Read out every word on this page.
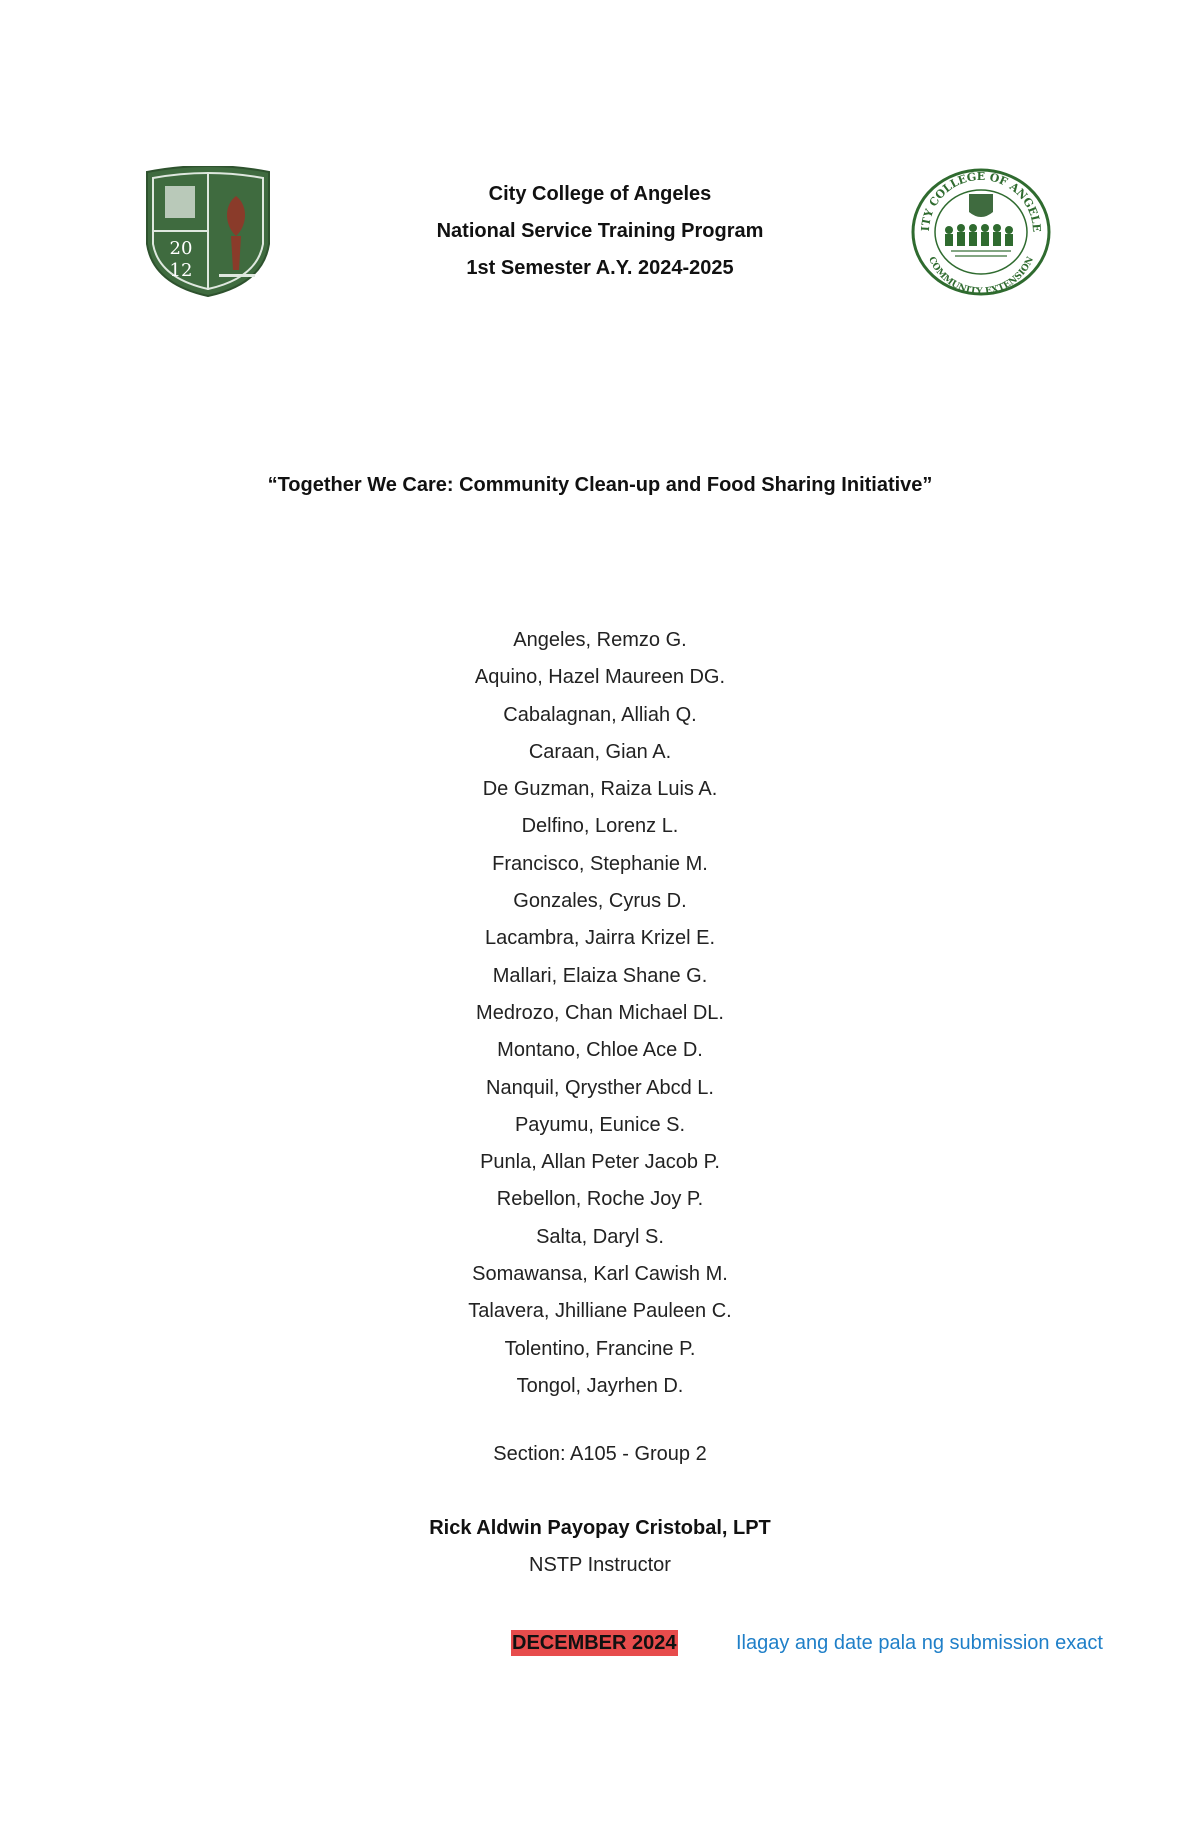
20
12
City College of Angeles
National Service Training Program
1st Semester A.Y. 2024-2025
ITY COLLEGE OF ANGELE
COMMUNITY EXTENSION
“Together We Care: Community Clean-up and Food Sharing Initiative”
Angeles, Remzo G.
Aquino, Hazel Maureen DG.
Cabalagnan, Alliah Q.
Caraan, Gian A.
De Guzman, Raiza Luis A.
Delfino, Lorenz L.
Francisco, Stephanie M.
Gonzales, Cyrus D.
Lacambra, Jairra Krizel E.
Mallari, Elaiza Shane G.
Medrozo, Chan Michael DL.
Montano, Chloe Ace D.
Nanquil, Qrysther Abcd L.
Payumu, Eunice S.
Punla, Allan Peter Jacob P.
Rebellon, Roche Joy P.
Salta, Daryl S.
Somawansa, Karl Cawish M.
Talavera, Jhilliane Pauleen C.
Tolentino, Francine P.
Tongol, Jayrhen D.
Section: A105 - Group 2
Rick Aldwin Payopay Cristobal, LPT
NSTP Instructor
DECEMBER 2024	Ilagay ang date pala ng submission exact
